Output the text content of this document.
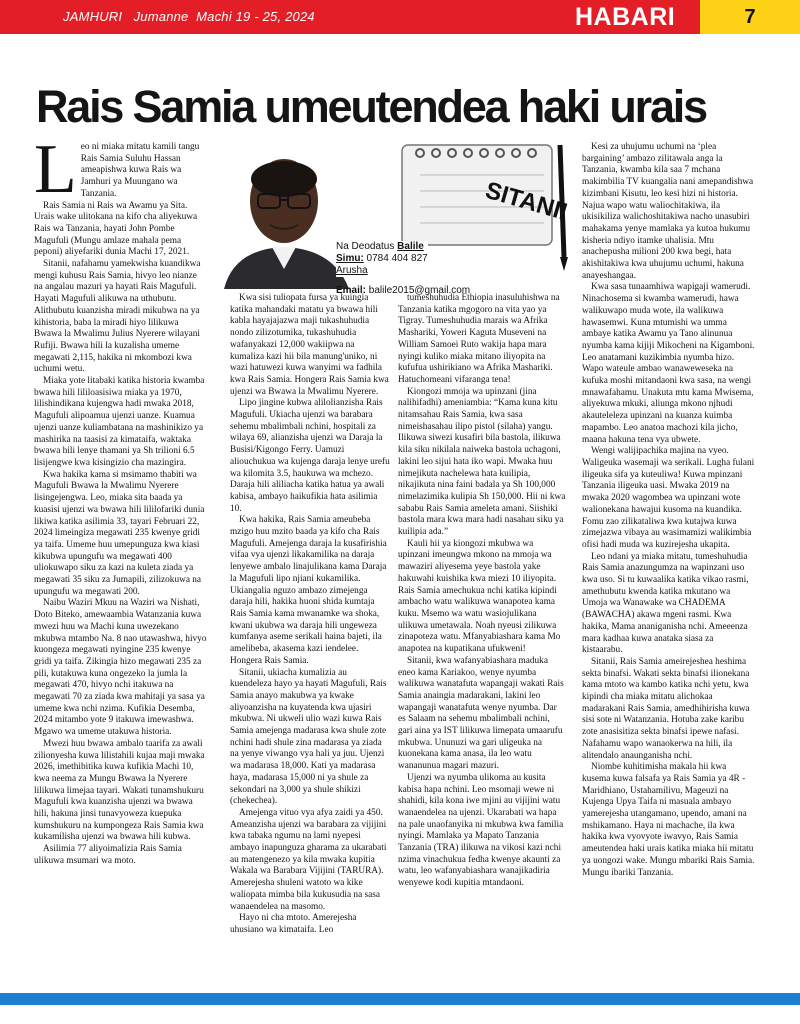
JAMHURI   Jumanne  Machi 19 - 25, 2024	HABARI	7
Rais Samia umeutendea haki urais
SITANII
Na Deodatus Balile
Simu: 0784 404 827
Arusha
Email: balile2015@gmail.com
L eo ni miaka mitatu kamili tangu Rais Samia Suluhu Hassan ameapishwa kuwa Rais wa Jamhuri ya Muungano wa Tanzania.

Rais Samia ni Rais wa Awamu ya Sita. Urais wake ulitokana na kifo cha aliyekuwa Rais wa Tanzania, hayati John Pombe Magufuli (Mungu amlaze mahala pema peponi) aliyefariki dunia Machi 17, 2021.

Sitanii, nafahamu yamekwisha kuandikwa mengi kuhusu Rais Samia, hivyo leo nianze na angalau mazuri ya hayati Rais Magufuli. Hayati Magufuli alikuwa na uthubutu. Alithubutu kuanzisha miradi mikubwa na ya kihistoria, baba la miradi hiyo lilikuwa Bwawa la Mwalimu Julius Nyerere wilayani Rufiji. Bwawa hili la kuzalisha umeme megawati 2,115, hakika ni mkombozi kwa uchumi wetu.

Miaka yote litabaki katika historia kwamba bwawa hili lililoasisiwa miaka ya 1970, lilishindikana kujengwa hadi mwaka 2018, Magufuli alipoamua ujenzi uanze. Kuamua ujenzi uanze kuliambatana na mashinikizo ya mashirika na taasisi za kimataifa, waktaka bwawa hili lenye thamani ya Sh trilioni 6.5 lisijengwe kwa kisingizio cha mazingira.

Kwa hakika kama si msimamo thabiti wa Magufuli Bwawa la Mwalimu Nyerere lisingejengwa. Leo, miaka sita baada ya kuasisi ujenzi wa bwawa hili lililofariki dunia likiwa katika asilimia 33, tayari Februari 22, 2024 limeingiza megawati 235 kwenye gridi ya taifa. Umeme huu umepunguza kwa kiasi kikubwa upungufu wa megawati 400 uliokuwapo siku za kazi na kuleta ziada ya megawati 35 siku za Jumapili, zilizokuwa na upungufu wa megawati 200.

Naibu Waziri Mkuu na Waziri wa Nishati, Doto Biteko, amewaambia Watanzania kuwa mwezi huu wa Machi kuna uwezekano mkubwa mtambo Na. 8 nao utawashwa, hivyo kuongeza megawati nyingine 235 kwenye gridi ya taifa. Zikingia hizo megawati 235 za pili, kutakuwa kuna ongezeko la jumla la megawati 470, hivyo nchi itakuwa na megawati 70 za ziada kwa mahitaji ya sasa ya umeme kwa nchi nzima. Kufikia Desemba, 2024 mitambo yote 9 itakuwa imewashwa. Mgawo wa umeme utakuwa historia.

Mwezi huu bwawa ambalo taarifa za awali zilionyesha kuwa lilistahili kujaa maji mwaka 2026, imethibitika kuwa kufikia Machi 10, kwa neema za Mungu Bwawa la Nyerere lilikuwa limejaa tayari. Wakati tunamshukuru Magufuli kwa kuanzisha ujenzi wa bwawa hili, hakuna jinsi tunavyoweza kuepuka kumshukuru na kumpongeza Rais Samia kwa kukamilisha ujenzi wa bwawa hili kubwa.

Asilimia 77 aliyoimalizia Rais Samia ulikuwa msumari wa moto.

Kwa sisi tuliopata fursa ya kuingia katika mahandaki matatu ya bwawa hili kabla hayajajazwa maji tukashuhudia nondo zilizotumika, tukashuhudia wafanyakazi 12,000 wakiipwa na kumaliza kazi hii bila manung'uniko, ni wazi hatuwezi kuwa wanyimi wa fadhila kwa Rais Samia. Hongera Rais Samia kwa ujenzi wa Bwawa la Mwalimu Nyerere.

Lipo jingine kubwa alilolianzisha Rais Magufuli. Ukiacha ujenzi wa barabara sehemu mbalimbali nchini, hospitali za wilaya 69, alianzisha ujenzi wa Daraja la Busisi/Kigongo Ferry. Uamuzi aliouchukua wa kujenga daraja lenye urefu wa kilomita 3.5, haukuwa wa mchezo. Daraja hili aliliacha katika hatua ya awali kabisa, ambayo haikufikia hata asilimia 10.

Kwa hakika, Rais Samia ameubeba mzigo huu mzito baada ya kifo cha Rais Magufuli. Amejenga daraja la kusafirishia vifaa vya ujenzi likakamilika na daraja lenyewe ambalo linajulikana kama Daraja la Magufuli lipo njiani kukamilika. Ukiangalia nguzo ambazo zimejenga daraja hili, hakika huoni shida kumtaja Rais Samia kama mwanamke wa shoka, kwani ukubwa wa daraja hili ungeweza kumfanya aseme serikali haina bajeti, ila amelibeba, akasema kazi iendelee. Hongera Rais Samia.

Sitanii, ukiacha kumalizia au kuendeleza hayo ya hayati Magufuli, Rais Samia anayo makubwa ya kwake aliyoanzisha na kuyatenda kwa ujasiri mkubwa. Ni ukweli ulio wazi kuwa Rais Samia amejenga madarasa kwa shule zote nchini hadi shule zina madarasa ya ziada na yenye viwango vya hali ya juu. Ujenzi wa madarasa 18,000. Kati ya madarasa haya, madarasa 15,000 ni ya shule za sekondari na 3,000 ya shule shikizi (chekechea).

Amejenga vituo vya afya zaidi ya 450. Ameanzisha ujenzi wa barabara za vijijini kwa tabaka ngumu na lami nyepesi ambayo inapunguza gharama za ukarabati au matengenezo ya kila mwaka kupitia Wakala wa Barabara Vijijini (TARURA). Amerejesha shuleni watoto wa kike waliopata mimba bila kukusudia na sasa wanaendelea na masomo.

Hayo ni cha mtoto. Amerejesha uhusiano wa kimataifa. Leo

tumeshuhudia Ethiopia inasuluhishwa na Tanzania katika mgogoro na vita yao ya Tigray. Tumeshuhudia marais wa Afrika Mashariki, Yoweri Kaguta Museveni na William Samoei Ruto wakija hapa mara nyingi kuliko miaka mitano iliyopita na kufufua ushirikiano wa Afrika Mashariki. Hatuchomeani vifaranga tena!

Kiongozi mmoja wa upinzani (jina nalihifadhi) ameniambia: “Kama kuna kitu nitamsahau Rais Samia, kwa sasa nimeishasahau ilipo pistol (silaha) yangu. Ilikuwa siwezi kusafiri bila bastola, ilikuwa kila siku nikilala naiweka bastola uchagoni, lakini leo sijui hata iko wapi. Mwaka huu nimejikuta nachelewa hata kuilipia, nikajikuta nina faini badala ya Sh 100,000 nimelazimika kulipia Sh 150,000. Hii ni kwa sababu Rais Samia ameleta amani. Siishiki bastola mara kwa mara hadi nasahau siku ya kuilipia ada.”

Kauli hii ya kiongozi mkubwa wa upinzani imeungwa mkono na mmoja wa mawaziri aliyesema yeye bastola yake hakuwahi kuishika kwa miezi 10 iliyopita. Rais Samia amechukua nchi katika kipindi ambacho watu walikuwa wanapotea kama kuku. Msemo wa watu wasiojulikana ulikuwa umetawala. Noah nyeusi zilikuwa zinapoteza watu. Mfanyabiashara kama Mo anapotea na kupatikana ufukweni!

Sitanii, kwa wafanyabiashara maduka eneo kama Kariakoo, wenye nyumba walikuwa wanatafuta wapangaji wakati Rais Samia anaingia madarakani, lakini leo wapangaji wanatafuta wenye nyumba. Dar es Salaam na sehemu mbalimbali nchini, gari aina ya IST lilikuwa limepata umaarufu mkubwa. Ununuzi wa gari uligeuka na kuonekana kama anasa, ila leo watu wananunua magari mazuri.

Ujenzi wa nyumba ulikoma au kusita kabisa hapa nchini. Leo msomaji wewe ni shahidi, kila kona iwe mjini au vijijini watu wanaendelea na ujenzi. Ukarabati wa hapa na pale unaofanyika ni mkubwa kwa familia nyingi. Mamlaka ya Mapato Tanzania Tanzania (TRA) ilikuwa na vikosi kazi nchi nzima vinachukua fedha kwenye akaunti za watu, leo wafanyabiashara wanajikadiria wenyewe kodi kupitia mtandaoni.

Kesi za uhujumu uchumi na ‘plea bargaining’ ambazo zilitawala anga la Tanzania, kwamba kila saa 7 mchana makimbilia TV kuangalia nani amepandishwa kizimbani Kisutu, leo kesi hizi ni historia. Najua wapo watu waliochitakiwa, ila ukisikiliza walichoshitakiwa nacho unasubiri mahakama yenye mamlaka ya kutoa hukumu kisheria ndiyo itamke uhalisia. Mtu anachepusha milioni 200 kwa begi, hata akishitakiwa kwa uhujumu uchumi, hakuna anayeshangaa.

Kwa sasa tunaamhiwa wapigaji wamerudi. Ninachosema si kwamba wamerudi, hawa walikuwapo muda wote, ila walikuwa hawasemwi. Kuna mtumishi wa umma ambaye katika Awamu ya Tano alinunua nyumba kama kijiji Mikocheni na Kigamboni. Leo anatamani kuzikimbia nyumba hizo. Wapo wateule ambao wanaweweseka na kufuka moshi mitandaoni kwa sasa, na wengi mnawafahamu. Unakuta mtu kama Mwisema, aliyekuwa mkuki, aliunga mkono njhudi akauteleleza upinzani na kuanza kuimba mapambo. Leo anatoa machozi kila jicho, maana hakuna tena vya ubwete.

Wengi walijipachika majina na vyeo. Waligeuka wasemaji wa serikali. Lugha fulani iligeuka sifa ya kuteuliwa! Kuwa mpinzani Tanzania iligeuka uasi. Mwaka 2019 na mwaka 2020 wagombea wa upinzani wote walionekana hawajui kusoma na kuandika. Fomu zao zilikataliwa kwa kutajwa kuwa zimejazwa vibaya au wasimamizi walikimbia ofisi hadi muda wa kuzirejesha ukapita.

Leo ndani ya miaka mitatu, tumeshuhudia Rais Samia anazungumza na wapinzani uso kwa uso. Si tu kuwaalika katika vikao rasmi, amethubutu kwenda katika mkutano wa Umoja wa Wanawake wa CHADEMA (BAWACHA) akawa mgeni rasmi. Kwa hakika, Mama ananiganisha nchi. Ameeenza mara kadhaa kuwa anataka siasa za kistaarabu.

Sitanii, Rais Samia ameirejeshea heshima sekta binafsi. Wakati sekta binafsi ilionekana kama mtoto wa kambo katika nchi yetu, kwa kipindi cha miaka mitatu alichokaa madarakani Rais Samia, amedhihirisha kuwa sisi sote ni Watanzania. Hotuba zake karibu zote anasisitiza sekta binafsi ipewe nafasi. Nafahamu wapo wanaokerwa na hili, ila alitendalo anaunganisha nchi.

Niombe kuhitimisha makala hii kwa kusema kuwa falsafa ya Rais Samia ya 4R - Maridhiano, Ustahamilivu, Mageuzi na Kujenga Upya Taifa ni masuala ambayo yamerejesha utangamano, upendo, amani na mshikamano. Haya ni machache, ila kwa hakika kwa vyovyote iwavyo, Rais Samia ameutendea haki urais katika miaka hii mitatu ya uongozi wake. Mungu mbariki Rais Samia. Mungu ibariki Tanzania.
